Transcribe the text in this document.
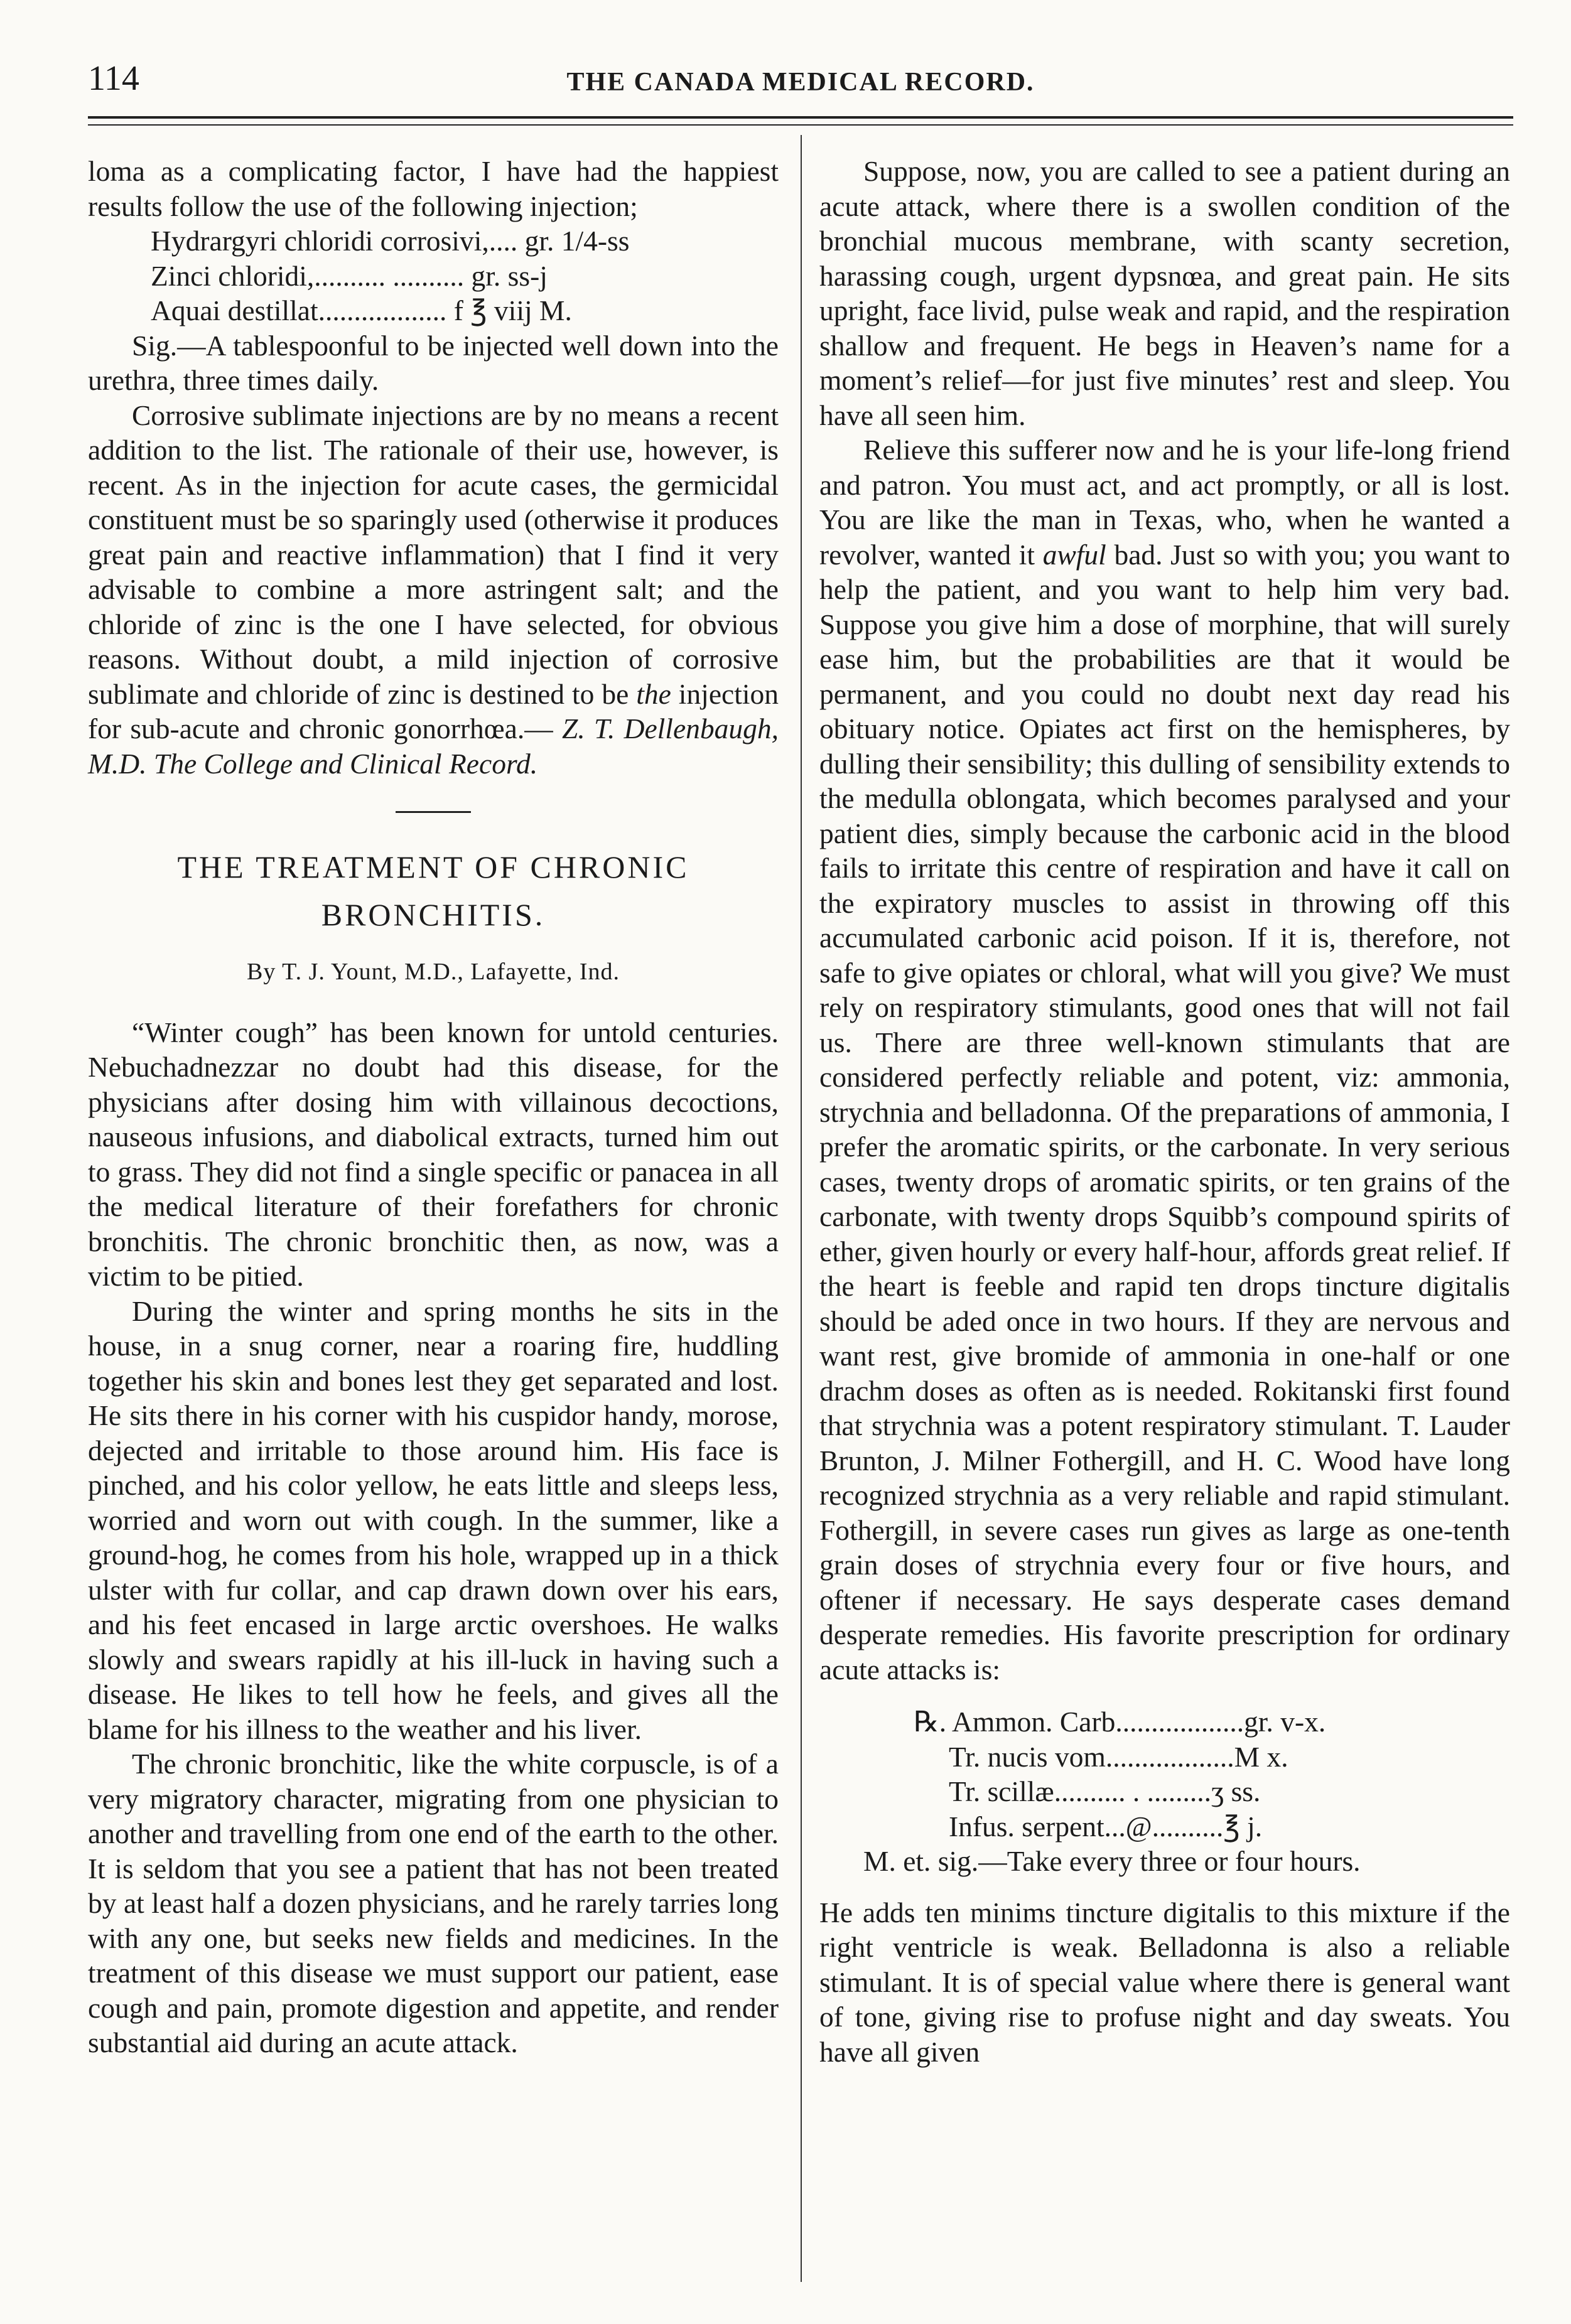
114	THE CANADA MEDICAL RECORD.

loma as a complicating factor, I have had the happiest results follow the use of the following injection;

Hydrargyri chloridi corrosivi,.... gr. 1/4-ss
Zinci chloridi,.......... .......... gr. ss-j
Aquai destillat.................. f ℥ viij M.

Sig.—A tablespoonful to be injected well down into the urethra, three times daily.

Corrosive sublimate injections are by no means a recent addition to the list. The rationale of their use, however, is recent. As in the injection for acute cases, the germicidal constituent must be so sparingly used (otherwise it produces great pain and reactive inflammation) that I find it very advisable to combine a more astringent salt; and the chloride of zinc is the one I have selected, for obvious reasons. Without doubt, a mild injection of corrosive sublimate and chloride of zinc is destined to be the injection for sub-acute and chronic gonorrhœa.— Z. T. Dellenbaugh, M.D. The College and Clinical Record.

THE TREATMENT OF CHRONIC BRONCHITIS.
By T. J. Yount, M.D., Lafayette, Ind.

“Winter cough” has been known for untold centuries. Nebuchadnezzar no doubt had this disease, for the physicians after dosing him with villainous decoctions, nauseous infusions, and diabolical extracts, turned him out to grass. They did not find a single specific or panacea in all the medical literature of their forefathers for chronic bronchitis. The chronic bronchitic then, as now, was a victim to be pitied.

During the winter and spring months he sits in the house, in a snug corner, near a roaring fire, huddling together his skin and bones lest they get separated and lost. He sits there in his corner with his cuspidor handy, morose, dejected and irritable to those around him. His face is pinched, and his color yellow, he eats little and sleeps less, worried and worn out with cough. In the summer, like a ground-hog, he comes from his hole, wrapped up in a thick ulster with fur collar, and cap drawn down over his ears, and his feet encased in large arctic overshoes. He walks slowly and swears rapidly at his ill-luck in having such a disease. He likes to tell how he feels, and gives all the blame for his illness to the weather and his liver.

The chronic bronchitic, like the white corpuscle, is of a very migratory character, migrating from one physician to another and travelling from one end of the earth to the other. It is seldom that you see a patient that has not been treated by at least half a dozen physicians, and he rarely tarries long with any one, but seeks new fields and medicines. In the treatment of this disease we must support our patient, ease cough and pain, promote digestion and appetite, and render substantial aid during an acute attack.

Suppose, now, you are called to see a patient during an acute attack, where there is a swollen condition of the bronchial mucous membrane, with scanty secretion, harassing cough, urgent dypsnœa, and great pain. He sits upright, face livid, pulse weak and rapid, and the respiration shallow and frequent. He begs in Heaven’s name for a moment’s relief—for just five minutes’ rest and sleep. You have all seen him.

Relieve this sufferer now and he is your life-long friend and patron. You must act, and act promptly, or all is lost. You are like the man in Texas, who, when he wanted a revolver, wanted it awful bad. Just so with you; you want to help the patient, and you want to help him very bad. Suppose you give him a dose of morphine, that will surely ease him, but the probabilities are that it would be permanent, and you could no doubt next day read his obituary notice. Opiates act first on the hemispheres, by dulling their sensibility; this dulling of sensibility extends to the medulla oblongata, which becomes paralysed and your patient dies, simply because the carbonic acid in the blood fails to irritate this centre of respiration and have it call on the expiratory muscles to assist in throwing off this accumulated carbonic acid poison. If it is, therefore, not safe to give opiates or chloral, what will you give? We must rely on respiratory stimulants, good ones that will not fail us. There are three well-known stimulants that are considered perfectly reliable and potent, viz: ammonia, strychnia and belladonna. Of the preparations of ammonia, I prefer the aromatic spirits, or the carbonate. In very serious cases, twenty drops of aromatic spirits, or ten grains of the carbonate, with twenty drops Squibb’s compound spirits of ether, given hourly or every half-hour, affords great relief. If the heart is feeble and rapid ten drops tincture digitalis should be aded once in two hours. If they are nervous and want rest, give bromide of ammonia in one-half or one drachm doses as often as is needed. Rokitanski first found that strychnia was a potent respiratory stimulant. T. Lauder Brunton, J. Milner Fothergill, and H. C. Wood have long recognized strychnia as a very reliable and rapid stimulant. Fothergill, in severe cases run gives as large as one-tenth grain doses of strychnia every four or five hours, and oftener if necessary. He says desperate cases demand desperate remedies. His favorite prescription for ordinary acute attacks is:

℞. Ammon. Carb..................gr. v-x.
Tr. nucis vom..................M x.
Tr. scillæ.......... . .........ʒ ss.
Infus. serpent...@..........℥ j.
M. et. sig.—Take every three or four hours.

He adds ten minims tincture digitalis to this mixture if the right ventricle is weak. Belladonna is also a reliable stimulant. It is of special value where there is general want of tone, giving rise to profuse night and day sweats. You have all given
